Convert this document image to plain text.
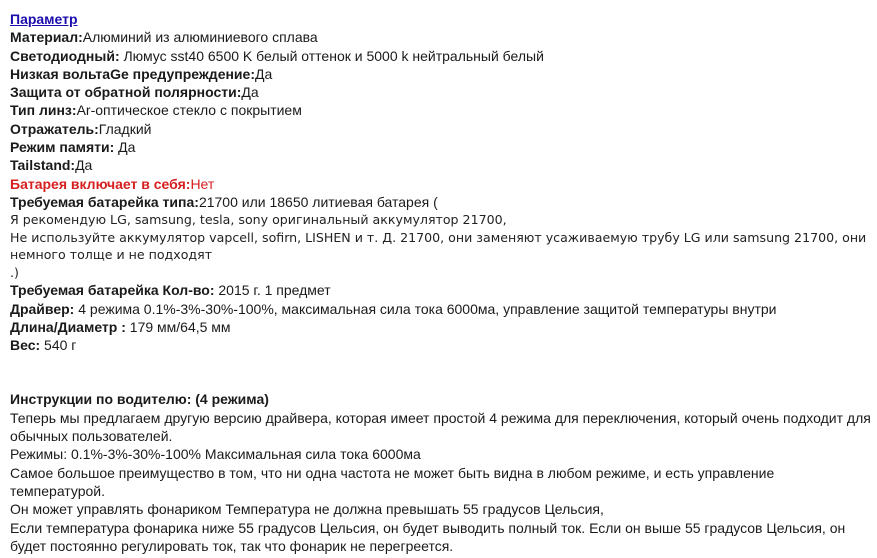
Параметр
Материал:Алюминий из алюминиевого сплава
Светодиодный: Люмус sst40 6500 K белый оттенок и 5000 k нейтральный белый
Низкая вольтаGe предупреждение:Да
Защита от обратной полярности:Да
Тип линз:Ar-оптическое стекло с покрытием
Отражатель:Гладкий
Режим памяти: Да
Tailstand:Да
Батарея включает в себя:Нет
Требуемая батарейка типа:21700 или 18650 литиевая батарея (
Я рекомендую LG, samsung, tesla, sony оригинальный аккумулятор 21700,
Не используйте аккумулятор vapcell, sofirn, LISHEN и т. Д. 21700, они заменяют усаживаемую трубу LG или samsung 21700, они немного толще и не подходят
.)
Требуемая батарейка Кол-во: 2015 г. 1 предмет
Драйвер: 4 режима 0.1%-3%-30%-100%, максимальная сила тока 6000ма, управление защитой температуры внутри
Длина/Диаметр : 179 мм/64,5 мм
Вес: 540 г
Инструкции по водителю: (4 режима)
Теперь мы предлагаем другую версию драйвера, которая имеет простой 4 режима для переключения, который очень подходит для обычных пользователей.
Режимы: 0.1%-3%-30%-100% Максимальная сила тока 6000ма
Самое большое преимущество в том, что ни одна частота не может быть видна в любом режиме, и есть управление температурой.
Он может управлять фонариком Температура не должна превышать 55 градусов Цельсия,
Если температура фонарика ниже 55 градусов Цельсия, он будет выводить полный ток. Если он выше 55 градусов Цельсия, он будет постоянно регулировать ток, так что фонарик не перегреется.
